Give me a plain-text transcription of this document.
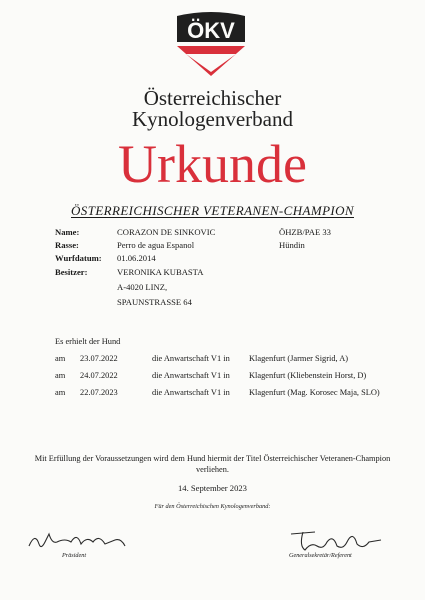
ÖKV
Österreichischer
Kynologenverband
Urkunde
ÖSTERREICHISCHER VETERANEN-CHAMPION
Name:	CORAZON DE SINKOVIC	ÖHZB/PAE 33
Rasse:	Perro de agua Espanol	Hündin
Wurfdatum: 01.06.2014
Besitzer:	VERONIKA KUBASTA
A-4020 LINZ,
SPAUNSTRASSE 64
Es erhielt der Hund
am 23.07.2022	die Anwartschaft V1 in Klagenfurt (Jarmer Sigrid, A)
am 24.07.2022	die Anwartschaft V1 in Klagenfurt (Kliebenstein Horst, D)
am 22.07.2023	die Anwartschaft V1 in Klagenfurt (Mag. Korosec Maja, SLO)
Mit Erfüllung der Voraussetzungen wird dem Hund hiermit der Titel Österreichischer Veteranen-Champion
verliehen.
14. September 2023
Für den Österreichischen Kynologenverband:
Präsident	Generalsekretär/Referent
